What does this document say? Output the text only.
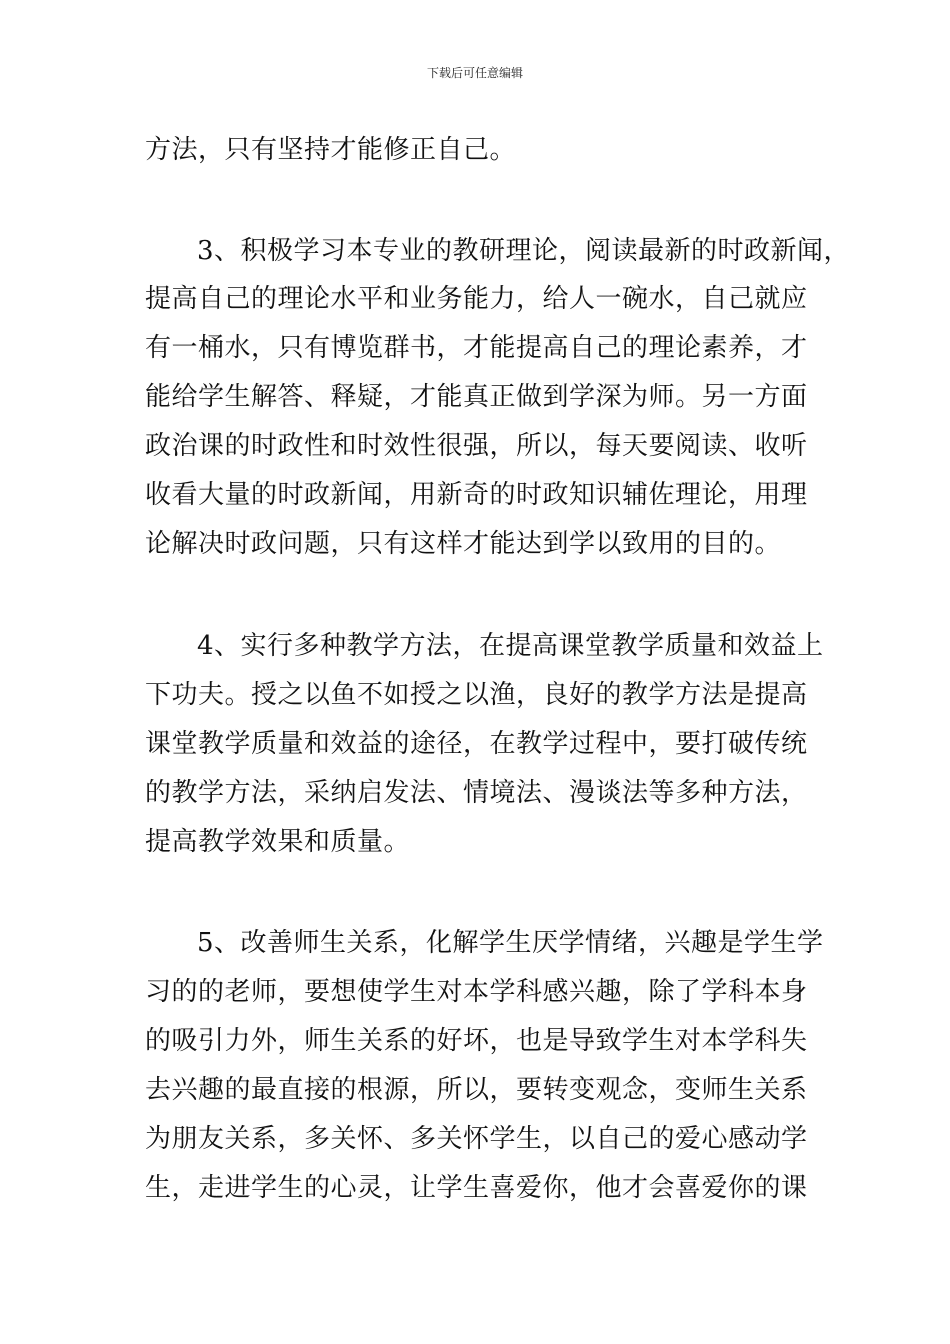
下载后可任意编辑
方法，只有坚持才能修正自己。
3、积极学习本专业的教研理论，阅读最新的时政新闻，
提高自己的理论水平和业务能力，给人一碗水，自己就应
有一桶水，只有博览群书，才能提高自己的理论素养，才
能给学生解答、释疑，才能真正做到学深为师。另一方面
政治课的时政性和时效性很强，所以，每天要阅读、收听
收看大量的时政新闻，用新奇的时政知识辅佐理论，用理
论解决时政问题，只有这样才能达到学以致用的目的。
4、实行多种教学方法，在提高课堂教学质量和效益上
下功夫。授之以鱼不如授之以渔，良好的教学方法是提高
课堂教学质量和效益的途径，在教学过程中，要打破传统
的教学方法，采纳启发法、情境法、漫谈法等多种方法，
提高教学效果和质量。
5、改善师生关系，化解学生厌学情绪，兴趣是学生学
习的的老师，要想使学生对本学科感兴趣，除了学科本身
的吸引力外，师生关系的好坏，也是导致学生对本学科失
去兴趣的最直接的根源，所以，要转变观念，变师生关系
为朋友关系，多关怀、多关怀学生，以自己的爱心感动学
生，走进学生的心灵，让学生喜爱你，他才会喜爱你的课
